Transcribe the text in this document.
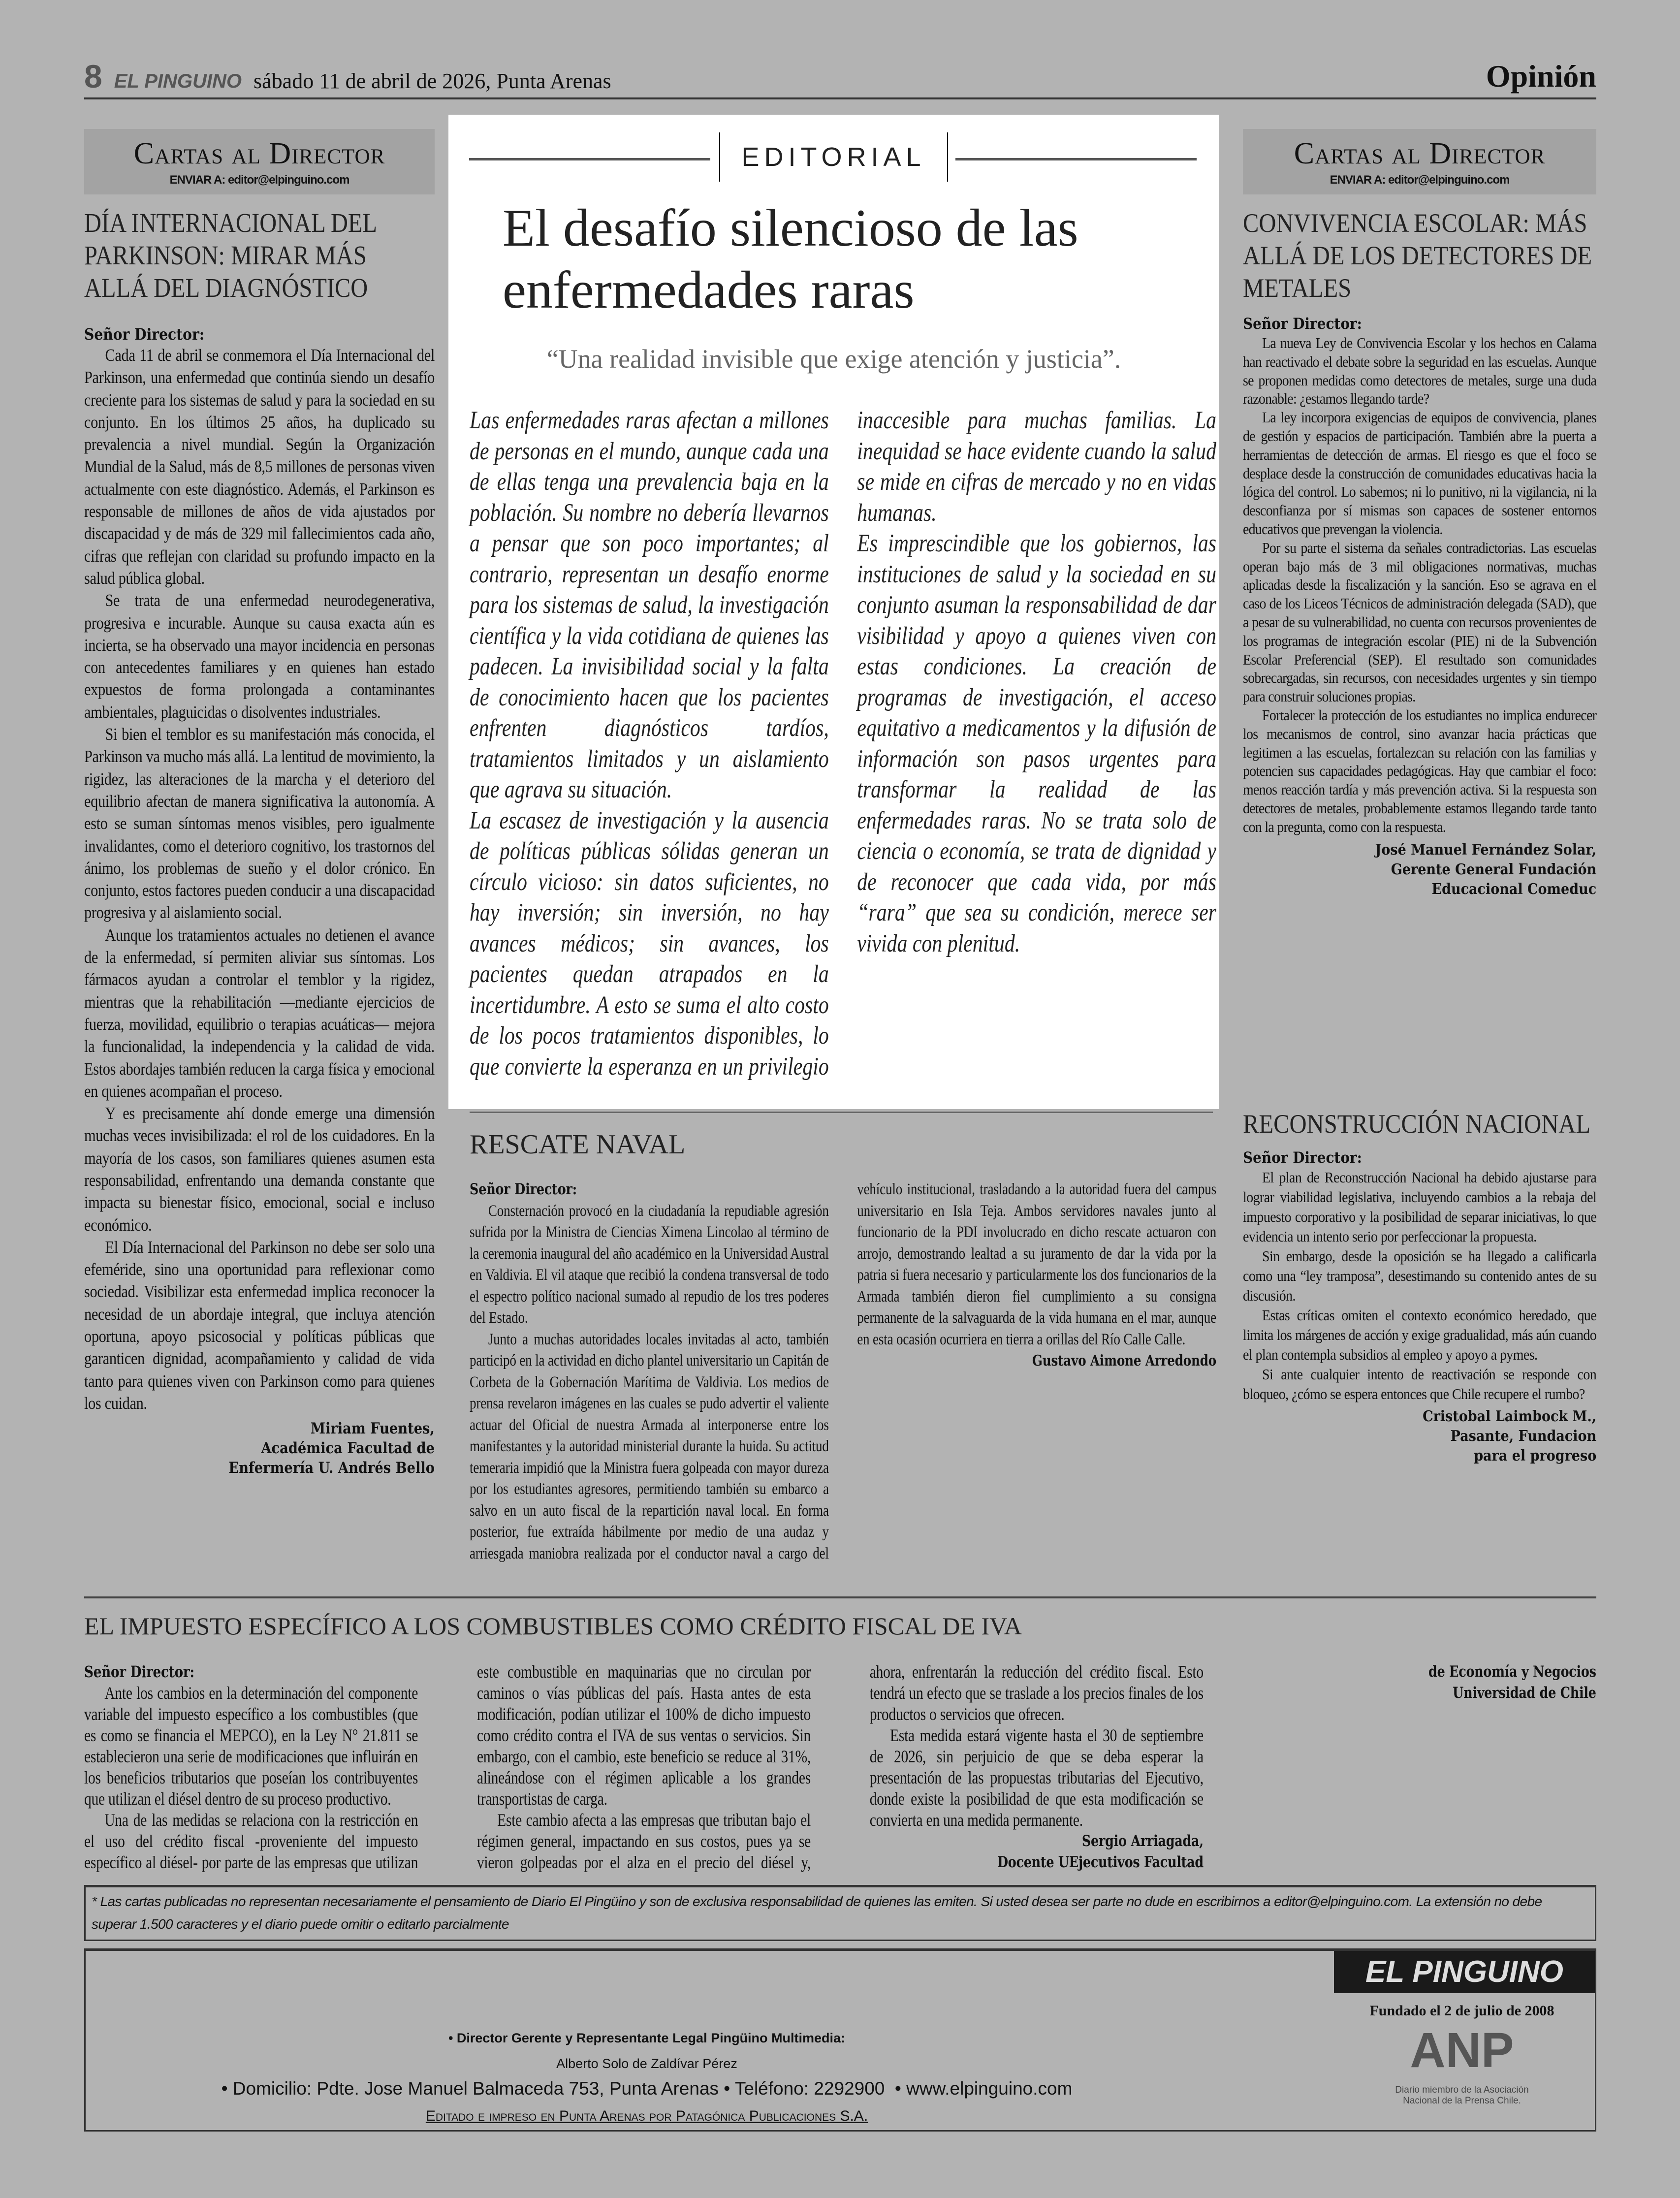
8 EL PINGUINO sábado 11 de abril de 2026, Punta Arenas	Opinión
Cartas al Director
ENVIAR A: editor@elpinguino.com
DÍA INTERNACIONAL DEL PARKINSON: MIRAR MÁS ALLÁ DEL DIAGNÓSTICO
Señor Director:

Cada 11 de abril se conmemora el Día Internacional del Parkinson, una enfermedad que continúa siendo un desafío creciente para los sistemas de salud y para la sociedad en su conjunto. En los últimos 25 años, ha duplicado su prevalencia a nivel mundial. Según la Organización Mundial de la Salud, más de 8,5 millones de personas viven actualmente con este diagnóstico. Además, el Parkinson es responsable de millones de años de vida ajustados por discapacidad y de más de 329 mil fallecimientos cada año, cifras que reflejan con claridad su profundo impacto en la salud pública global.

Se trata de una enfermedad neurodegenerativa, progresiva e incurable. Aunque su causa exacta aún es incierta, se ha observado una mayor incidencia en personas con antecedentes familiares y en quienes han estado expuestos de forma prolongada a contaminantes ambientales, plaguicidas o disolventes industriales.

Si bien el temblor es su manifestación más conocida, el Parkinson va mucho más allá. La lentitud de movimiento, la rigidez, las alteraciones de la marcha y el deterioro del equilibrio afectan de manera significativa la autonomía. A esto se suman síntomas menos visibles, pero igualmente invalidantes, como el deterioro cognitivo, los trastornos del ánimo, los problemas de sueño y el dolor crónico. En conjunto, estos factores pueden conducir a una discapacidad progresiva y al aislamiento social.

Aunque los tratamientos actuales no detienen el avance de la enfermedad, sí permiten aliviar sus síntomas. Los fármacos ayudan a controlar el temblor y la rigidez, mientras que la rehabilitación —mediante ejercicios de fuerza, movilidad, equilibrio o terapias acuáticas— mejora la funcionalidad, la independencia y la calidad de vida. Estos abordajes también reducen la carga física y emocional en quienes acompañan el proceso.

Y es precisamente ahí donde emerge una dimensión muchas veces invisibilizada: el rol de los cuidadores. En la mayoría de los casos, son familiares quienes asumen esta responsabilidad, enfrentando una demanda constante que impacta su bienestar físico, emocional, social e incluso económico.

El Día Internacional del Parkinson no debe ser solo una efeméride, sino una oportunidad para reflexionar como sociedad. Visibilizar esta enfermedad implica reconocer la necesidad de un abordaje integral, que incluya atención oportuna, apoyo psicosocial y políticas públicas que garanticen dignidad, acompañamiento y calidad de vida tanto para quienes viven con Parkinson como para quienes los cuidan.

Miriam Fuentes,
Académica Facultad de
Enfermería U. Andrés Bello
EDITORIAL
El desafío silencioso de las enfermedades raras
“Una realidad invisible que exige atención y justicia”.

Las enfermedades raras afectan a millones de personas en el mundo, aunque cada una de ellas tenga una prevalencia baja en la población. Su nombre no debería llevarnos a pensar que son poco importantes; al contrario, representan un desafío enorme para los sistemas de salud, la investigación científica y la vida cotidiana de quienes las padecen. La invisibilidad social y la falta de conocimiento hacen que los pacientes enfrenten diagnósticos tardíos, tratamientos limitados y un aislamiento que agrava su situación.

La escasez de investigación y la ausencia de políticas públicas sólidas generan un círculo vicioso: sin datos suficientes, no hay inversión; sin inversión, no hay avances médicos; sin avances, los pacientes quedan atrapados en la incertidumbre. A esto se suma el alto costo de los pocos tratamientos disponibles, lo que convierte la esperanza en un privilegio inaccesible para muchas familias. La inequidad se hace evidente cuando la salud se mide en cifras de mercado y no en vidas humanas.

Es imprescindible que los gobiernos, las instituciones de salud y la sociedad en su conjunto asuman la responsabilidad de dar visibilidad y apoyo a quienes viven con estas condiciones. La creación de programas de investigación, el acceso equitativo a medicamentos y la difusión de información son pasos urgentes para transformar la realidad de las enfermedades raras. No se trata solo de ciencia o economía, se trata de dignidad y de reconocer que cada vida, por más “rara” que sea su condición, merece ser vivida con plenitud.

RESCATE NAVAL
Señor Director:

Consternación provocó en la ciudadanía la repudiable agresión sufrida por la Ministra de Ciencias Ximena Lincolao al término de la ceremonia inaugural del año académico en la Universidad Austral en Valdivia. El vil ataque que recibió la condena transversal de todo el espectro político nacional sumado al repudio de los tres poderes del Estado.

Junto a muchas autoridades locales invitadas al acto, también participó en la actividad en dicho plantel universitario un Capitán de Corbeta de la Gobernación Marítima de Valdivia. Los medios de prensa revelaron imágenes en las cuales se pudo advertir el valiente actuar del Oficial de nuestra Armada al interponerse entre los manifestantes y la autoridad ministerial durante la huida. Su actitud temeraria impidió que la Ministra fuera golpeada con mayor dureza por los estudiantes agresores, permitiendo también su embarco a salvo en un auto fiscal de la repartición naval local. En forma posterior, fue extraída hábilmente por medio de una audaz y arriesgada maniobra realizada por el conductor naval a cargo del vehículo institucional, trasladando a la autoridad fuera del campus universitario en Isla Teja. Ambos servidores navales junto al funcionario de la PDI involucrado en dicho rescate actuaron con arrojo, demostrando lealtad a su juramento de dar la vida por la patria si fuera necesario y particularmente los dos funcionarios de la Armada también dieron fiel cumplimiento a su consigna permanente de la salvaguarda de la vida humana en el mar, aunque en esta ocasión ocurriera en tierra a orillas del Río Calle Calle.

Gustavo Aimone Arredondo
Cartas al Director
ENVIAR A: editor@elpinguino.com
CONVIVENCIA ESCOLAR: MÁS ALLÁ DE LOS DETECTORES DE METALES
Señor Director:

La nueva Ley de Convivencia Escolar y los hechos en Calama han reactivado el debate sobre la seguridad en las escuelas. Aunque se proponen medidas como detectores de metales, surge una duda razonable: ¿estamos llegando tarde?

La ley incorpora exigencias de equipos de convivencia, planes de gestión y espacios de participación. También abre la puerta a herramientas de detección de armas. El riesgo es que el foco se desplace desde la construcción de comunidades educativas hacia la lógica del control. Lo sabemos; ni lo punitivo, ni la vigilancia, ni la desconfianza por sí mismas son capaces de sostener entornos educativos que prevengan la violencia.

Por su parte el sistema da señales contradictorias. Las escuelas operan bajo más de 3 mil obligaciones normativas, muchas aplicadas desde la fiscalización y la sanción. Eso se agrava en el caso de los Liceos Técnicos de administración delegada (SAD), que a pesar de su vulnerabilidad, no cuenta con recursos provenientes de los programas de integración escolar (PIE) ni de la Subvención Escolar Preferencial (SEP). El resultado son comunidades sobrecargadas, sin recursos, con necesidades urgentes y sin tiempo para construir soluciones propias.

Fortalecer la protección de los estudiantes no implica endurecer los mecanismos de control, sino avanzar hacia prácticas que legitimen a las escuelas, fortalezcan su relación con las familias y potencien sus capacidades pedagógicas. Hay que cambiar el foco: menos reacción tardía y más prevención activa. Si la respuesta son detectores de metales, probablemente estamos llegando tarde tanto con la pregunta, como con la respuesta.

José Manuel Fernández Solar,
Gerente General Fundación
Educacional Comeduc
RECONSTRUCCIÓN NACIONAL
Señor Director:

El plan de Reconstrucción Nacional ha debido ajustarse para lograr viabilidad legislativa, incluyendo cambios a la rebaja del impuesto corporativo y la posibilidad de separar iniciativas, lo que evidencia un intento serio por perfeccionar la propuesta.

Sin embargo, desde la oposición se ha llegado a calificarla como una “ley tramposa”, desestimando su contenido antes de su discusión.

Estas críticas omiten el contexto económico heredado, que limita los márgenes de acción y exige gradualidad, más aún cuando el plan contempla subsidios al empleo y apoyo a pymes.

Si ante cualquier intento de reactivación se responde con bloqueo, ¿cómo se espera entonces que Chile recupere el rumbo?

Cristobal Laimbock M.,
Pasante, Fundacion
para el progreso
EL IMPUESTO ESPECÍFICO A LOS COMBUSTIBLES COMO CRÉDITO FISCAL DE IVA
Señor Director:

Ante los cambios en la determinación del componente variable del impuesto específico a los combustibles (que es como se financia el MEPCO), en la Ley N° 21.811 se establecieron una serie de modificaciones que influirán en los beneficios tributarios que poseían los contribuyentes que utilizan el diésel dentro de su proceso productivo.

Una de las medidas se relaciona con la restricción en el uso del crédito fiscal -proveniente del impuesto específico al diésel- por parte de las empresas que utilizan este combustible en maquinarias que no circulan por caminos o vías públicas del país. Hasta antes de esta modificación, podían utilizar el 100% de dicho impuesto como crédito contra el IVA de sus ventas o servicios. Sin embargo, con el cambio, este beneficio se reduce al 31%, alineándose con el régimen aplicable a los grandes transportistas de carga.

Este cambio afecta a las empresas que tributan bajo el régimen general, impactando en sus costos, pues ya se vieron golpeadas por el alza en el precio del diésel y, ahora, enfrentarán la reducción del crédito fiscal. Esto tendrá un efecto que se traslade a los precios finales de los productos o servicios que ofrecen.

Esta medida estará vigente hasta el 30 de septiembre de 2026, sin perjuicio de que se deba esperar la presentación de las propuestas tributarias del Ejecutivo, donde existe la posibilidad de que esta modificación se convierta en una medida permanente.

Sergio Arriagada,
Docente UEjecutivos Facultad
de Economía y Negocios
Universidad de Chile
* Las cartas publicadas no representan necesariamente el pensamiento de Diario El Pingüino y son de exclusiva responsabilidad de quienes las emiten. Si usted desea ser parte no dude en escribirnos a editor@elpinguino.com. La extensión no debe superar 1.500 caracteres y el diario puede omitir o editarlo parcialmente
• Director Gerente y Representante Legal Pingüino Multimedia:
Alberto Solo de Zaldívar Pérez
• Domicilio: Pdte. Jose Manuel Balmaceda 753, Punta Arenas • Teléfono: 2292900  • www.elpinguino.com
Editado e impreso en Punta Arenas por Patagónica Publicaciones S.A.
EL PINGUINO
Fundado el 2 de julio de 2008
ANP
Diario miembro de la Asociación Nacional de la Prensa Chile.
